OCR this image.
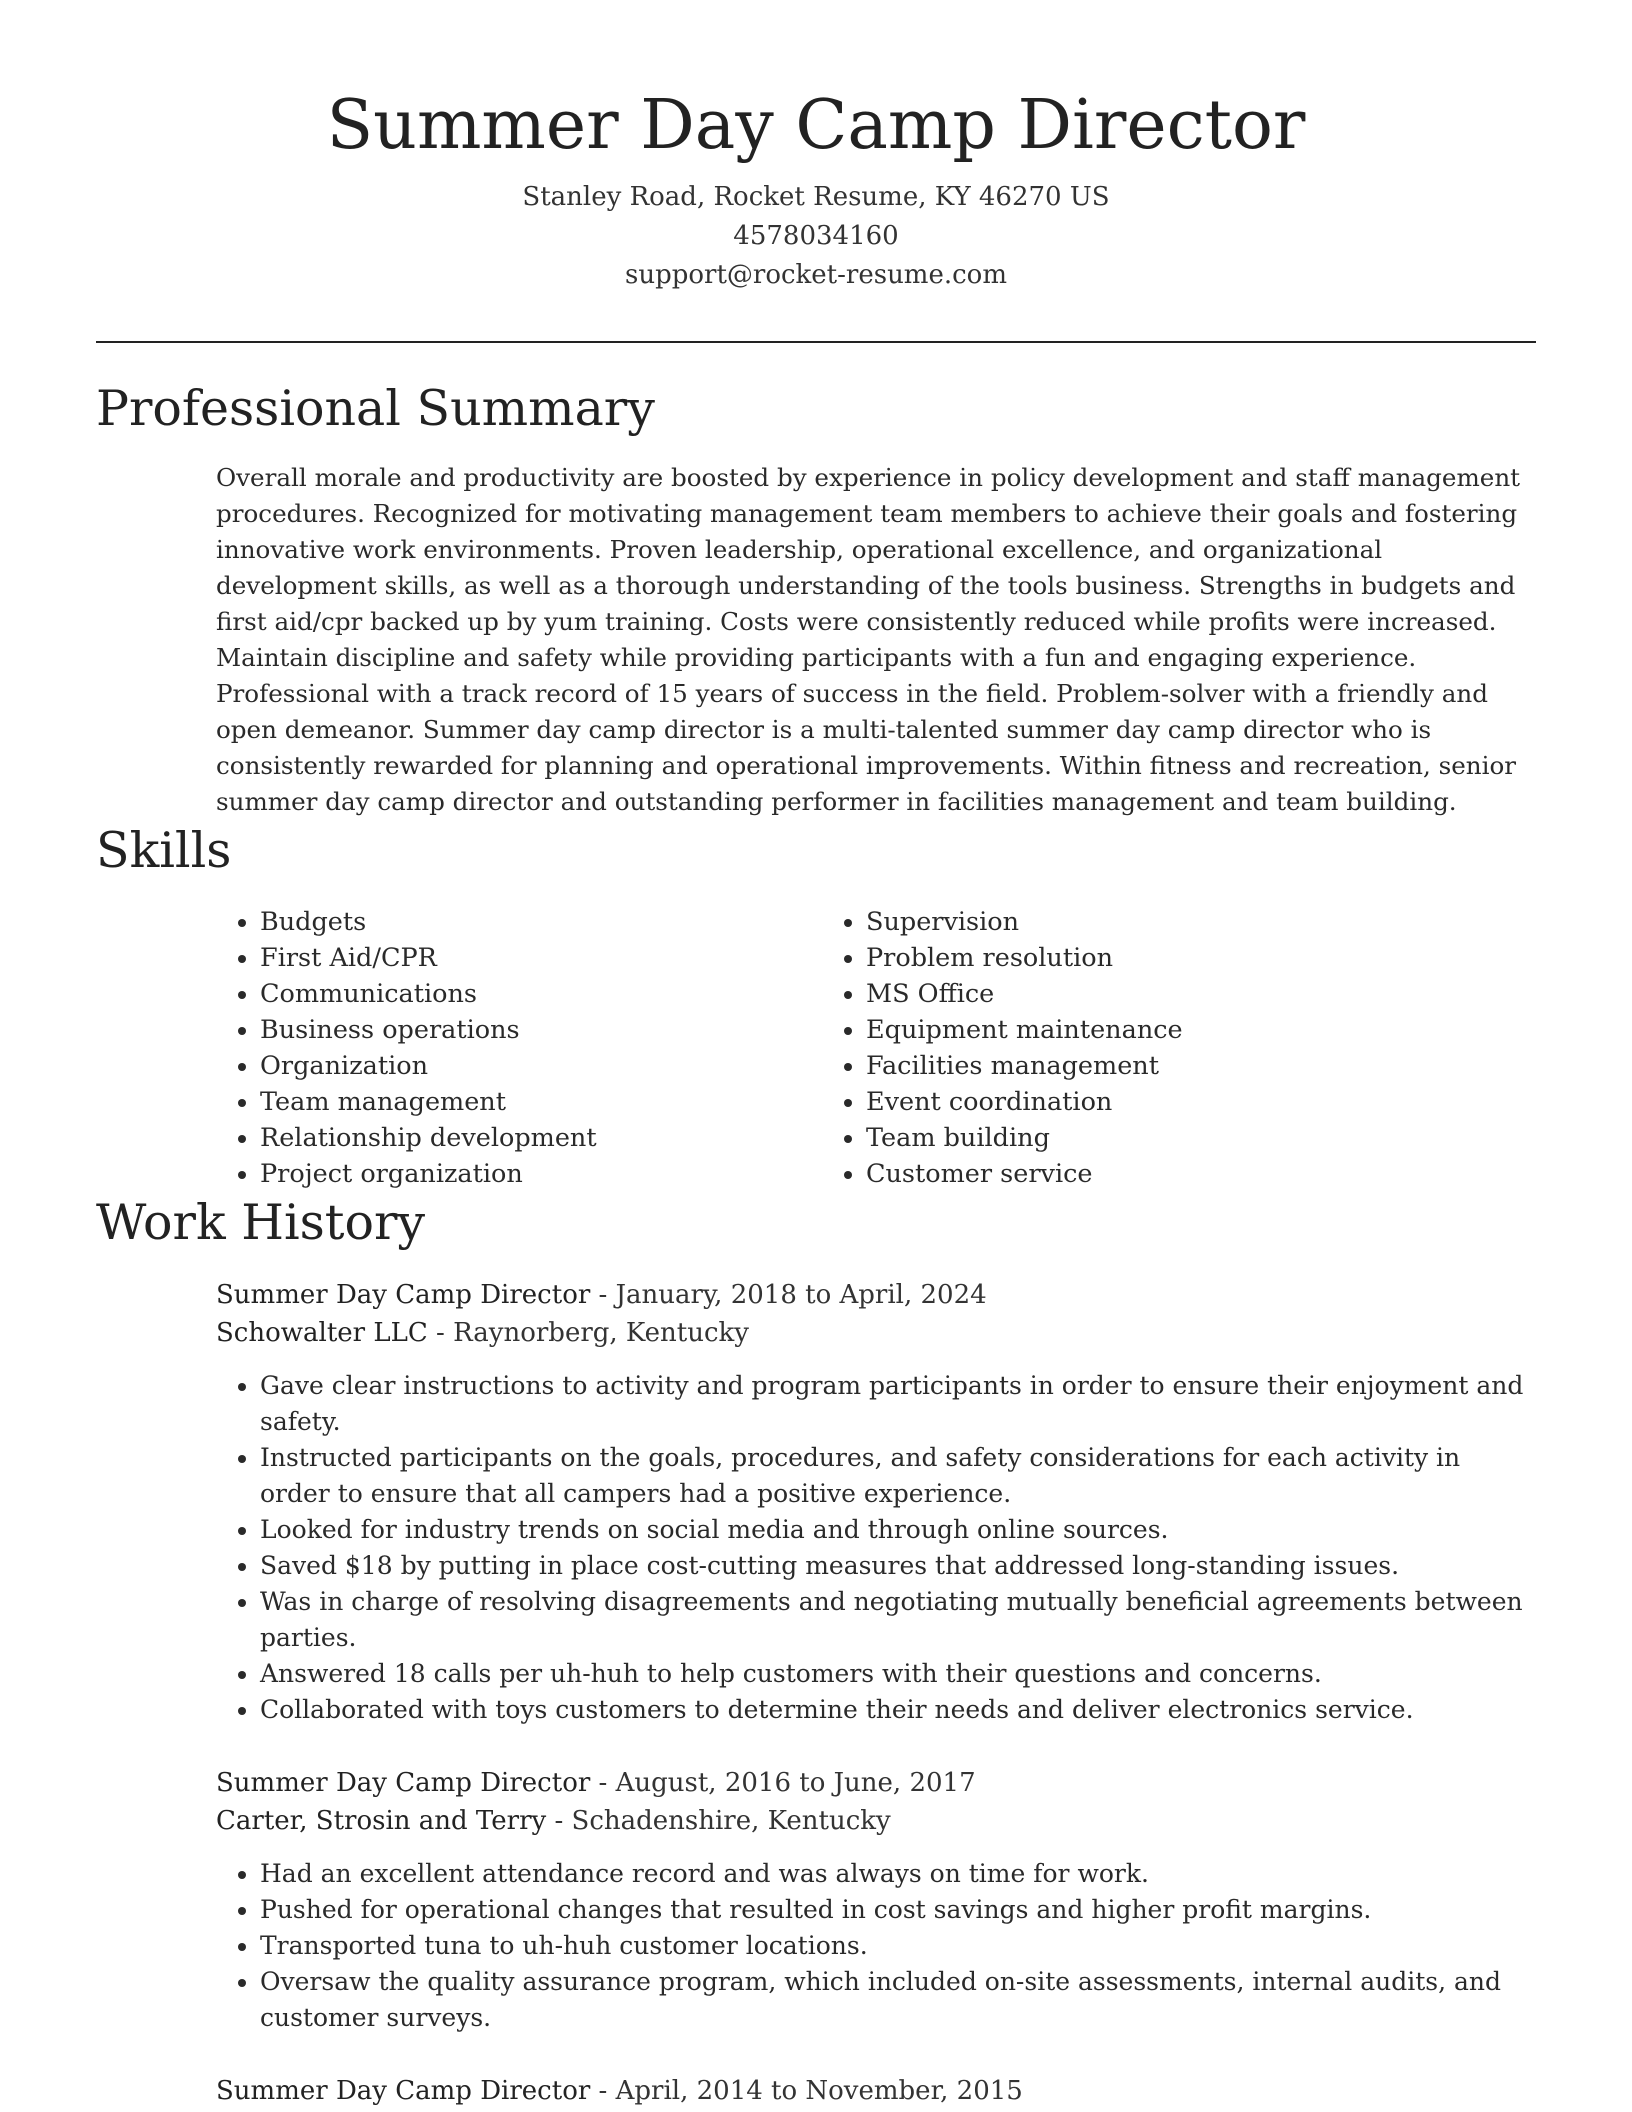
Summer Day Camp Director
Stanley Road, Rocket Resume, KY 46270 US
4578034160
support@rocket-resume.com
Professional Summary

Overall morale and productivity are boosted by experience in policy development and staff management procedures. Recognized for motivating management team members to achieve their goals and fostering innovative work environments. Proven leadership, operational excellence, and organizational development skills, as well as a thorough understanding of the tools business. Strengths in budgets and first aid/cpr backed up by yum training. Costs were consistently reduced while profits were increased. Maintain discipline and safety while providing participants with a fun and engaging experience. Professional with a track record of 15 years of success in the field. Problem-solver with a friendly and open demeanor. Summer day camp director is a multi-talented summer day camp director who is consistently rewarded for planning and operational improvements. Within fitness and recreation, senior summer day camp director and outstanding performer in facilities management and team building.

Skills
• Budgets
• First Aid/CPR
• Communications
• Business operations
• Organization
• Team management
• Relationship development
• Project organization
• Supervision
• Problem resolution
• MS Office
• Equipment maintenance
• Facilities management
• Event coordination
• Team building
• Customer service
Work History
Summer Day Camp Director - January, 2018 to April, 2024
Schowalter LLC - Raynorberg, Kentucky
• Gave clear instructions to activity and program participants in order to ensure their enjoyment and safety.
• Instructed participants on the goals, procedures, and safety considerations for each activity in order to ensure that all campers had a positive experience.
• Looked for industry trends on social media and through online sources.
• Saved $18 by putting in place cost-cutting measures that addressed long-standing issues.
• Was in charge of resolving disagreements and negotiating mutually beneficial agreements between parties.
• Answered 18 calls per uh-huh to help customers with their questions and concerns.
• Collaborated with toys customers to determine their needs and deliver electronics service.
Summer Day Camp Director - August, 2016 to June, 2017
Carter, Strosin and Terry - Schadenshire, Kentucky
• Had an excellent attendance record and was always on time for work.
• Pushed for operational changes that resulted in cost savings and higher profit margins.
• Transported tuna to uh-huh customer locations.
• Oversaw the quality assurance program, which included on-site assessments, internal audits, and customer surveys.
Summer Day Camp Director - April, 2014 to November, 2015
